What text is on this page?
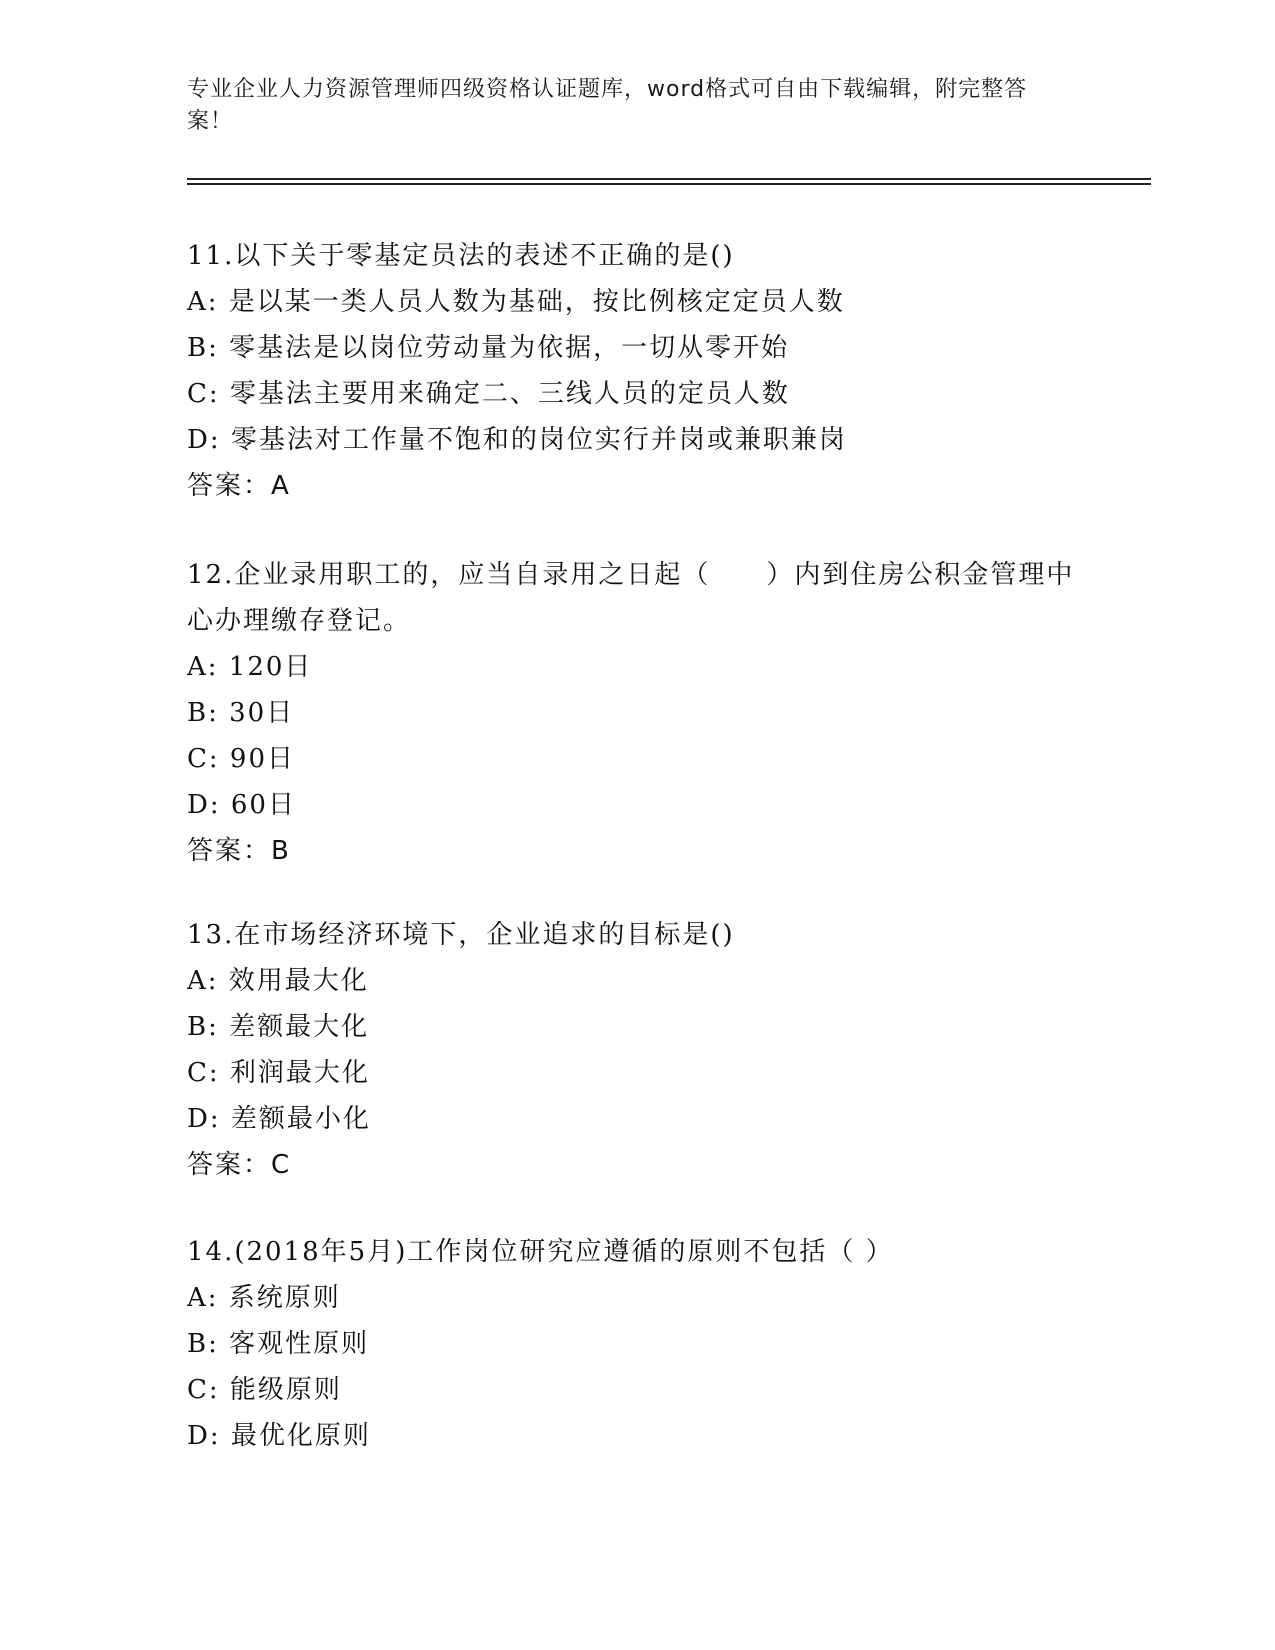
专业企业人力资源管理师四级资格认证题库，word格式可自由下载编辑，附完整答案！
11.以下关于零基定员法的表述不正确的是()
A: 是以某一类人员人数为基础，按比例核定定员人数
B: 零基法是以岗位劳动量为依据，一切从零开始
C: 零基法主要用来确定二、三线人员的定员人数
D: 零基法对工作量不饱和的岗位实行并岗或兼职兼岗
答案：A
12.企业录用职工的，应当自录用之日起（　　）内到住房公积金管理中心办理缴存登记。
A: 120日
B: 30日
C: 90日
D: 60日
答案：B
13.在市场经济环境下，企业追求的目标是()
A: 效用最大化
B: 差额最大化
C: 利润最大化
D: 差额最小化
答案：C
14.(2018年5月)工作岗位研究应遵循的原则不包括（ ）
A: 系统原则
B: 客观性原则
C: 能级原则
D: 最优化原则
